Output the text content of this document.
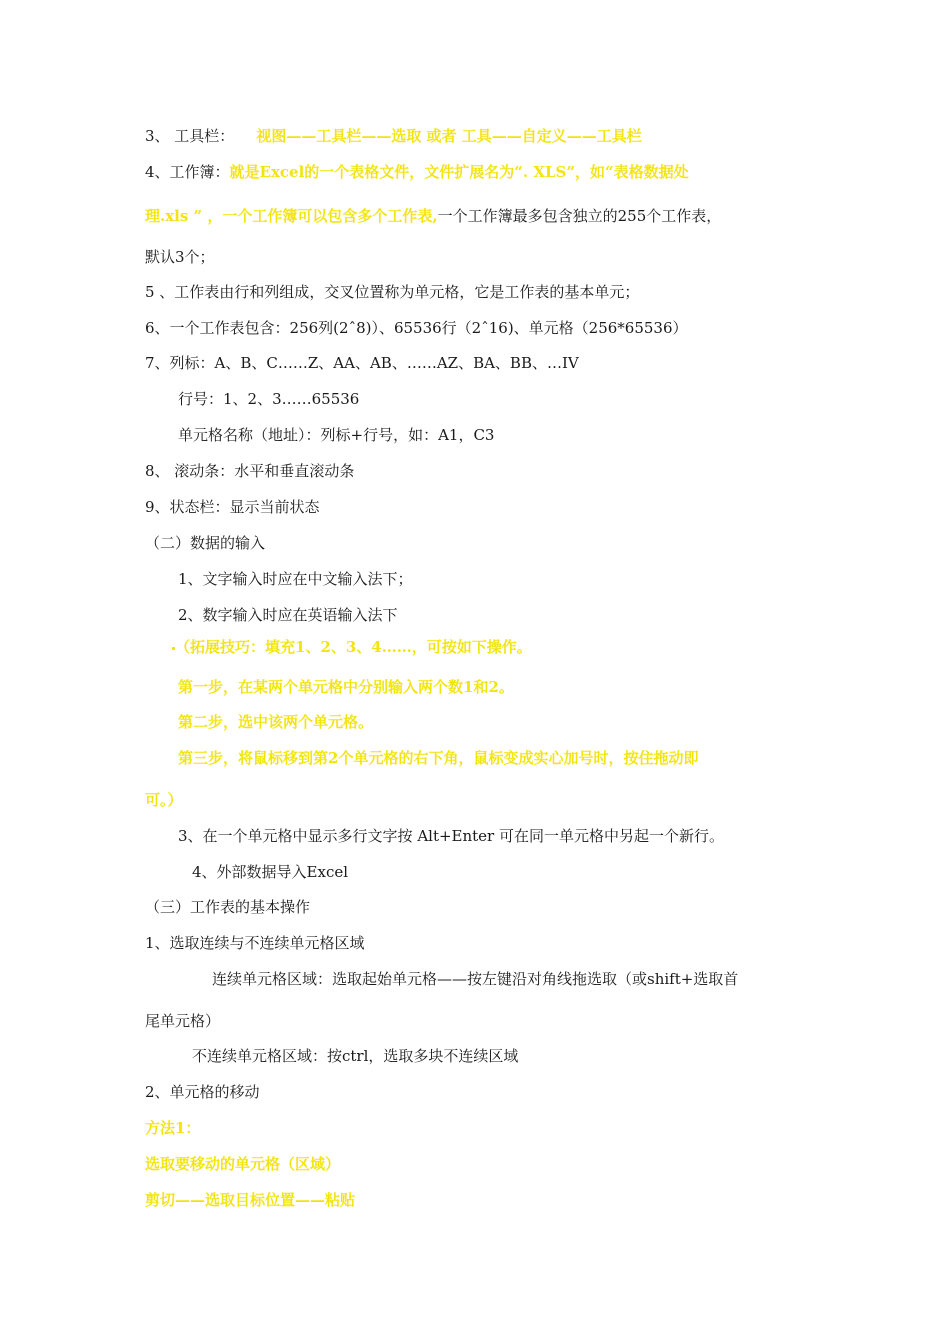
3、 工具栏： 视图——工具栏——选取 或者 工具——自定义——工具栏
4、工作簿：就是Excel的一个表格文件，文件扩展名为“. XLS”，如“表格数据处
理.xls ” ，一个工作簿可以包含多个工作表,一个工作簿最多包含独立的255个工作表，
默认3个；
5 、工作表由行和列组成，交叉位置称为单元格，它是工作表的基本单元；
6、一个工作表包含：256列(2ˆ8)）、65536行（2ˆ16)、单元格（256*65536）
7、列标：A、B、C……Z、AA、AB、……AZ、BA、BB、…IV
行号：1、2、3……65536
单元格名称（地址）：列标+行号，如：A1，C3
8、 滚动条：水平和垂直滚动条
9、状态栏：显示当前状态
（二）数据的输入
1、文字输入时应在中文输入法下；
2、数字输入时应在英语输入法下
（拓展技巧：填充1、2、3、4……，可按如下操作。
第一步，在某两个单元格中分别输入两个数1和2。
第二步，选中该两个单元格。
第三步，将鼠标移到第2个单元格的右下角，鼠标变成实心加号时，按住拖动即
可。）
3、在一个单元格中显示多行文字按 Alt+Enter 可在同一单元格中另起一个新行。
4、外部数据导入Excel
（三）工作表的基本操作
1、选取连续与不连续单元格区域
连续单元格区域：选取起始单元格——按左键沿对角线拖选取（或shift+选取首
尾单元格）
不连续单元格区域：按ctrl，选取多块不连续区域
2、单元格的移动
方法1：
选取要移动的单元格（区域）
剪切——选取目标位置——粘贴
